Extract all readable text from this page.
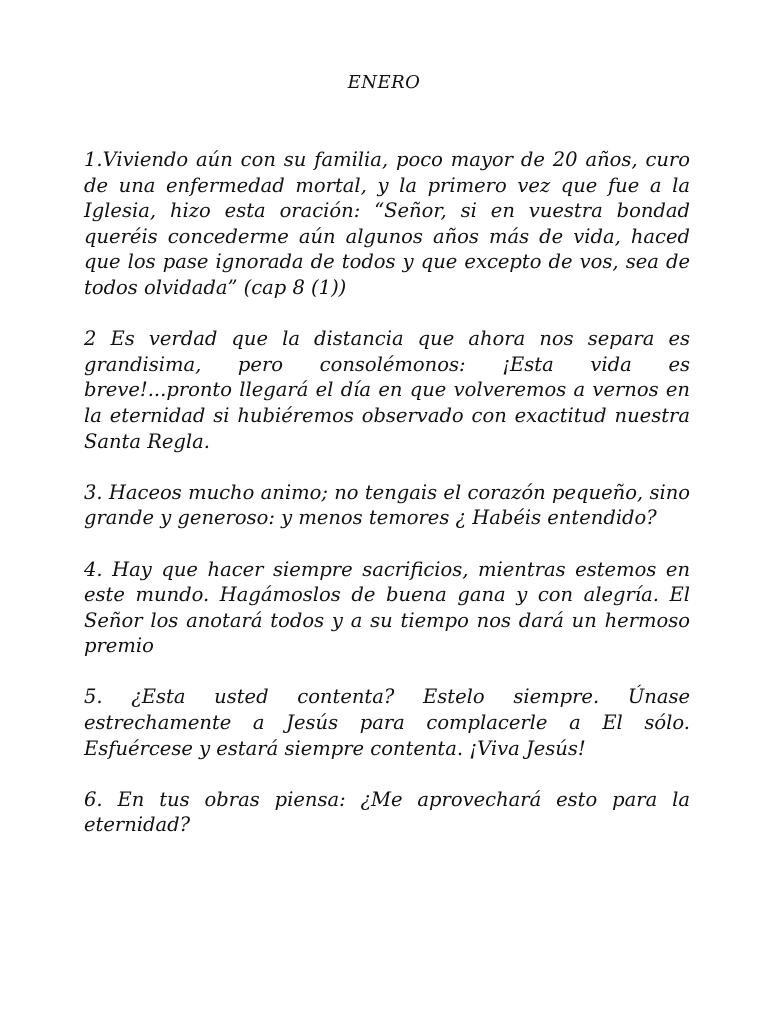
ENERO

1.Viviendo aún con su familia, poco mayor de 20 años, curo de una enfermedad mortal, y la primero vez que fue a la Iglesia, hizo esta oración: “Señor, si en vuestra bondad queréis concederme aún algunos años más de vida, haced que los pase ignorada de todos y que excepto de vos, sea de todos olvidada” (cap 8 (1))

2 Es verdad que la distancia que ahora nos separa es grandisima, pero consolémonos: ¡Esta vida es breve!...pronto llegará el día en que volveremos a vernos en la eternidad si hubiéremos observado con exactitud nuestra Santa Regla.

3. Haceos mucho animo; no tengais el corazón pequeño, sino grande y generoso: y menos temores ¿ Habéis entendido?

4. Hay que hacer siempre sacrificios, mientras estemos en este mundo. Hagámoslos de buena gana y con alegría. El Señor los anotará todos y a su tiempo nos dará un hermoso premio

5. ¿Esta usted contenta? Estelo siempre. Únase estrechamente a Jesús para complacerle a El sólo. Esfuércese y estará siempre contenta. ¡Viva Jesús!

6. En tus obras piensa: ¿Me aprovechará esto para la eternidad?
